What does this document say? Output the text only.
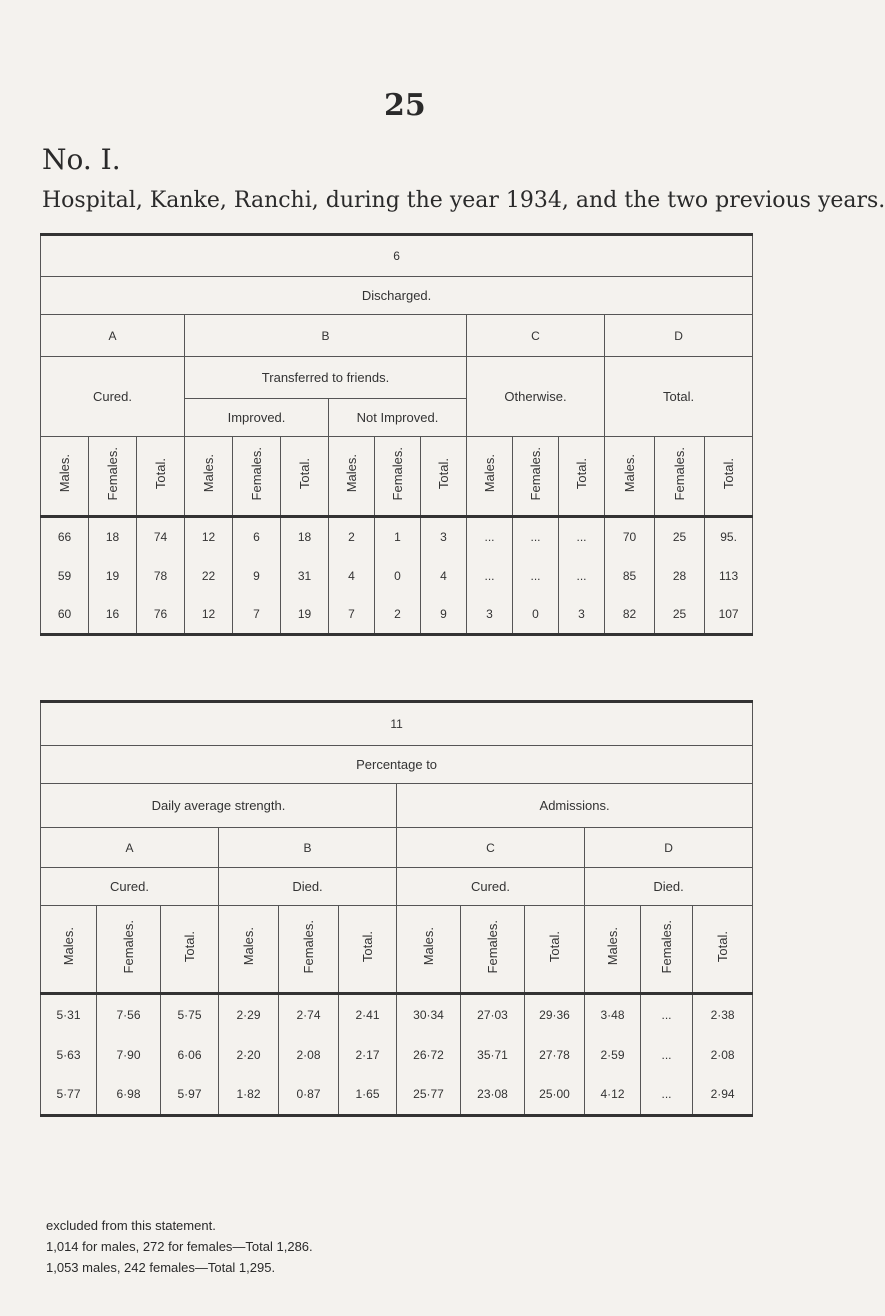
25
No. I.
Hospital, Kanke, Ranchi, during the year 1934, and the two previous years.
6														
Discharged.														
A			B						C			D		
Cured.			Transferred to friends.						Otherwise.			Total.		
			Improved.			Not Improved.								
Males.	Females.	Total.	Males.	Females.	Total.	Males.	Females.	Total.	Males.	Females.	Total.	Males.	Females.	Total.
66	18	74	12	6	18	2	1	3	...	...	...	70	25	95.
59	19	78	22	9	31	4	0	4	...	...	...	85	28	113
60	16	76	12	7	19	7	2	9	3	0	3	82	25	107
11											
Percentage to											
Daily average strength.						Admissions.					
A			B			C			D		
Cured.			Died.			Cured.			Died.		
Males.	Females.	Total.	Males.	Females.	Total.	Males.	Females.	Total.	Males.	Females.	Total.
5·31	7·56	5·75	2·29	2·74	2·41	30·34	27·03	29·36	3·48	...	2·38
5·63	7·90	6·06	2·20	2·08	2·17	26·72	35·71	27·78	2·59	...	2·08
5·77	6·98	5·97	1·82	0·87	1·65	25·77	23·08	25·00	4·12	...	2·94
excluded from this statement.
1,014 for males, 272 for females—Total 1,286.
1,053 males, 242 females—Total 1,295.
